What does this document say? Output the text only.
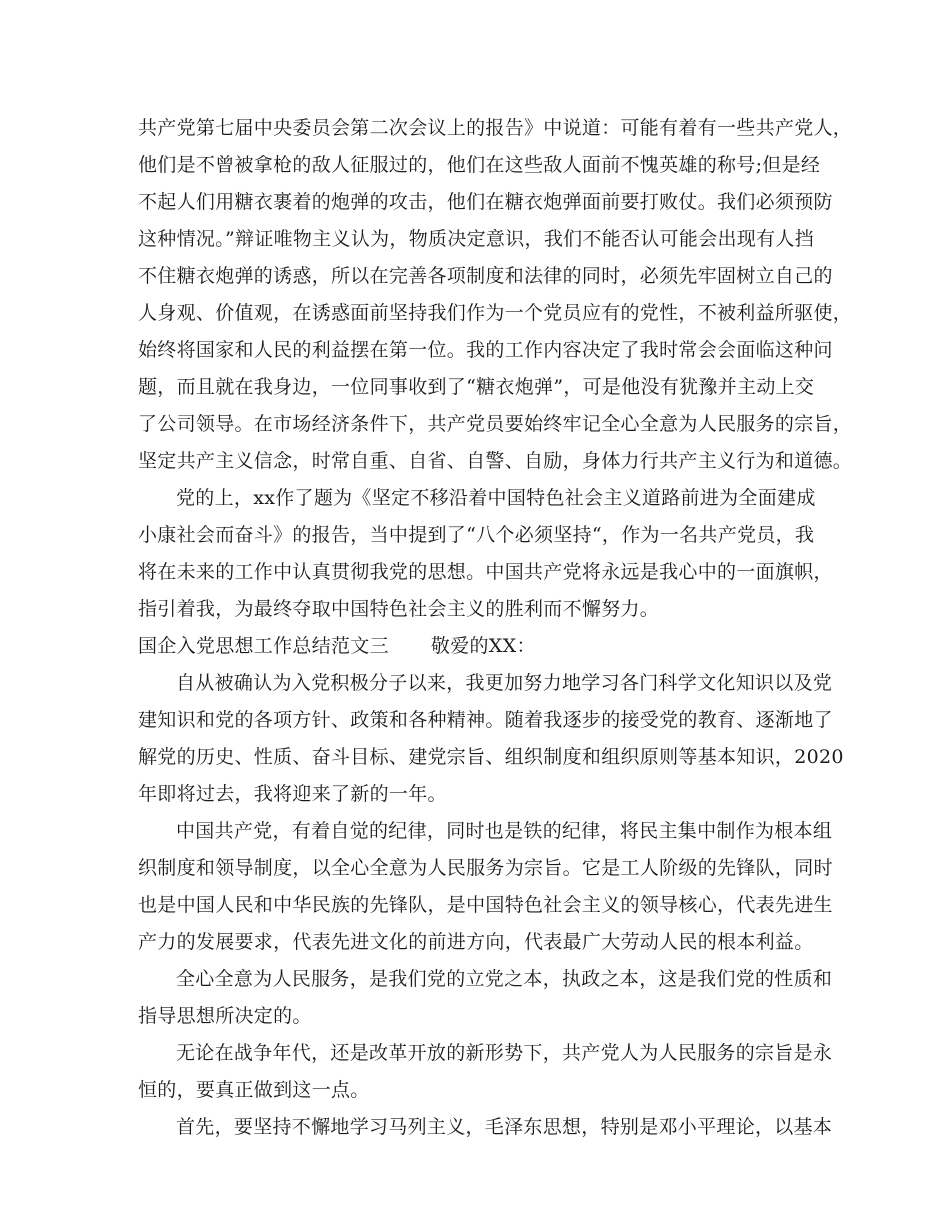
共产党第七届中央委员会第二次会议上的报告》中说道：可能有着有一些共产党人，
他们是不曾被拿枪的敌人征服过的，他们在这些敌人面前不愧英雄的称号;但是经
不起人们用糖衣裹着的炮弹的攻击，他们在糖衣炮弹面前要打败仗。我们必须预防
这种情况。”辩证唯物主义认为，物质决定意识，我们不能否认可能会出现有人挡
不住糖衣炮弹的诱惑，所以在完善各项制度和法律的同时，必须先牢固树立自己的
人身观、价值观，在诱惑面前坚持我们作为一个党员应有的党性，不被利益所驱使，
始终将国家和人民的利益摆在第一位。我的工作内容决定了我时常会会面临这种问
题，而且就在我身边，一位同事收到了“糖衣炮弹”，可是他没有犹豫并主动上交
了公司领导。在市场经济条件下，共产党员要始终牢记全心全意为人民服务的宗旨，
坚定共产主义信念，时常自重、自省、自警、自励，身体力行共产主义行为和道德。
党的上，xx作了题为《坚定不移沿着中国特色社会主义道路前进为全面建成
小康社会而奋斗》的报告，当中提到了“八个必须坚持“，作为一名共产党员，我
将在未来的工作中认真贯彻我党的思想。中国共产党将永远是我心中的一面旗帜，
指引着我，为最终夺取中国特色社会主义的胜利而不懈努力。
国企入党思想工作总结范文三 敬爱的XX：
自从被确认为入党积极分子以来，我更加努力地学习各门科学文化知识以及党
建知识和党的各项方针、政策和各种精神。随着我逐步的接受党的教育、逐渐地了
解党的历史、性质、奋斗目标、建党宗旨、组织制度和组织原则等基本知识，2020
年即将过去，我将迎来了新的一年。
中国共产党，有着自觉的纪律，同时也是铁的纪律，将民主集中制作为根本组
织制度和领导制度，以全心全意为人民服务为宗旨。它是工人阶级的先锋队，同时
也是中国人民和中华民族的先锋队，是中国特色社会主义的领导核心，代表先进生
产力的发展要求，代表先进文化的前进方向，代表最广大劳动人民的根本利益。
全心全意为人民服务，是我们党的立党之本，执政之本，这是我们党的性质和
指导思想所决定的。
无论在战争年代，还是改革开放的新形势下，共产党人为人民服务的宗旨是永
恒的，要真正做到这一点。
首先，要坚持不懈地学习马列主义，毛泽东思想，特别是邓小平理论，以基本
